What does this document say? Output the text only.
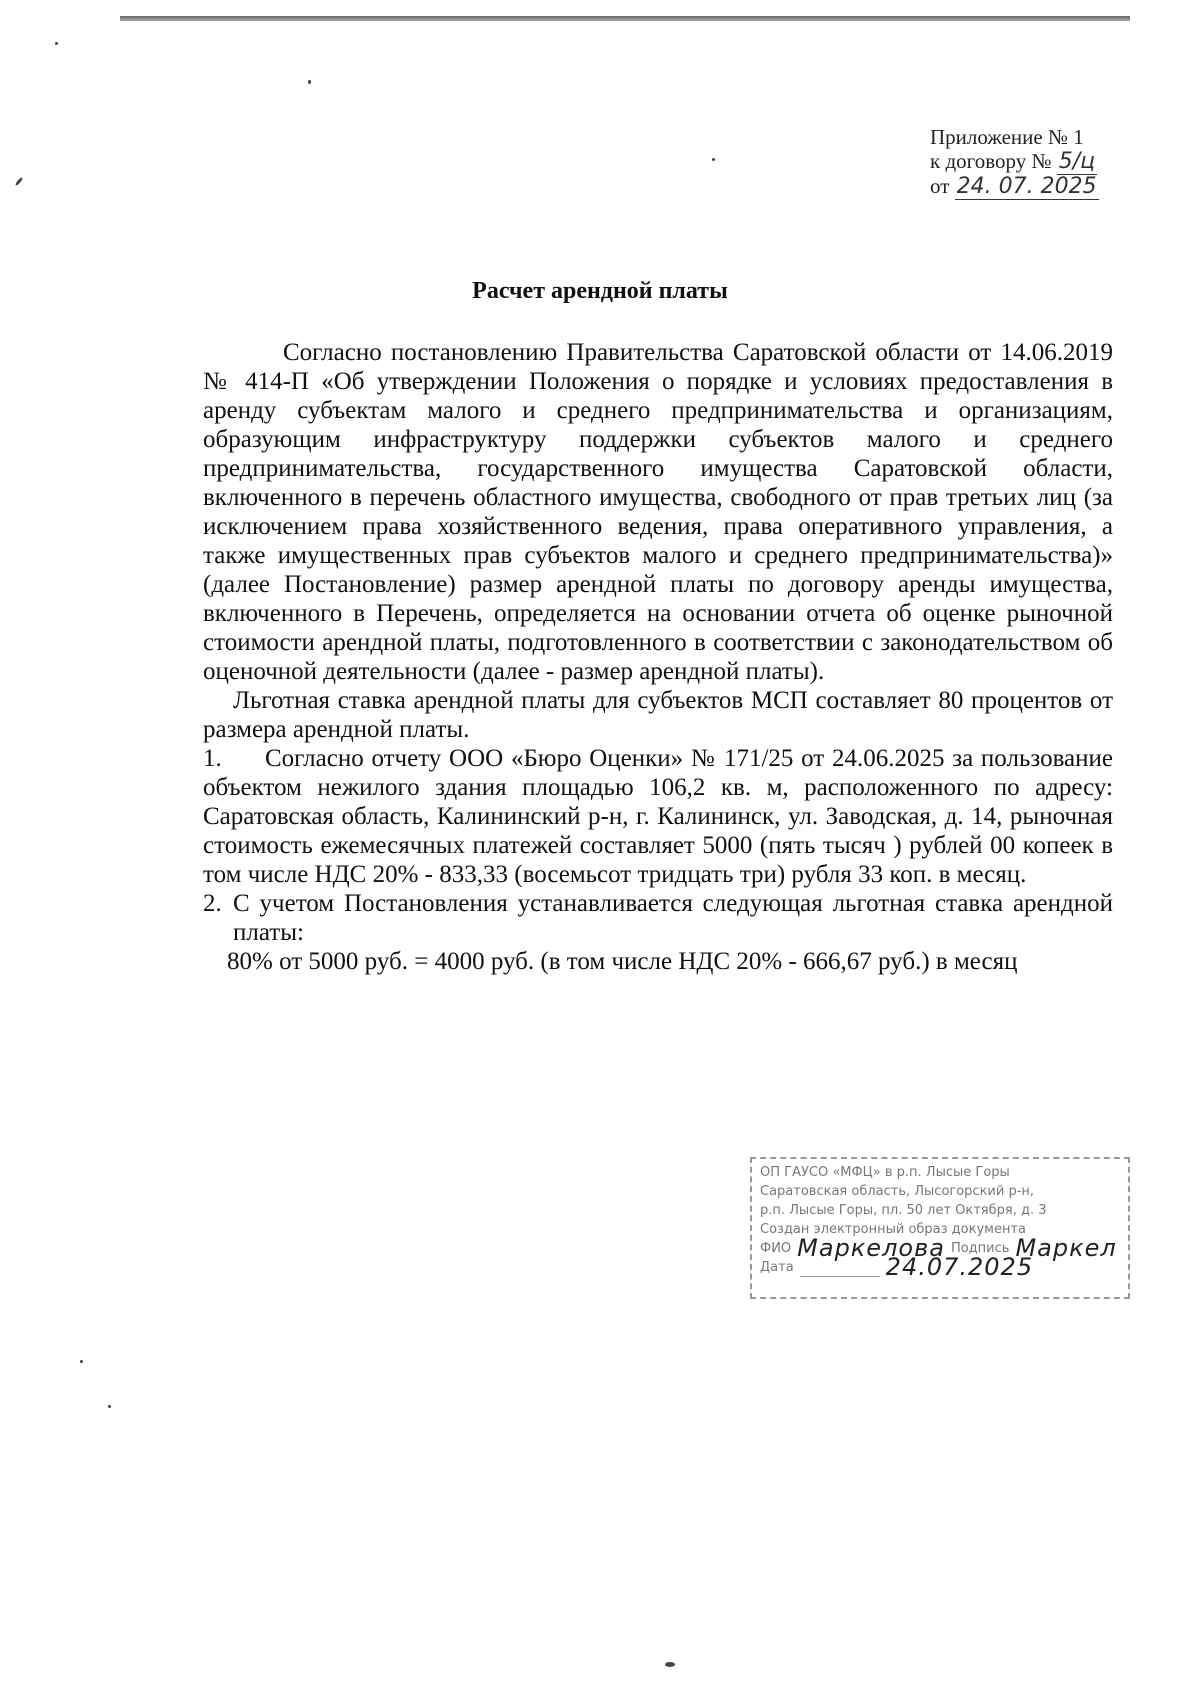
Приложение № 1
к договору № 5/ц
от 24. 07. 2025
Расчет арендной платы

Согласно постановлению Правительства Саратовской области от 14.06.2019 № 414-П «Об утверждении Положения о порядке и условиях предоставления в аренду субъектам малого и среднего предпринимательства и организациям, образующим инфраструктуру поддержки субъектов малого и среднего предпринимательства, государственного имущества Саратовской области, включенного в перечень областного имущества, свободного от прав третьих лиц (за исключением права хозяйственного ведения, права оперативного управления, а также имущественных прав субъектов малого и среднего предпринимательства)» (далее Постановление) размер арендной платы по договору аренды имущества, включенного в Перечень, определяется на основании отчета об оценке рыночной стоимости арендной платы, подготовленного в соответствии с законодательством об оценочной деятельности (далее - размер арендной платы).

Льготная ставка арендной платы для субъектов МСП составляет 80 процентов от размера арендной платы.

1. Согласно отчету ООО «Бюро Оценки» № 171/25 от 24.06.2025 за пользование объектом нежилого здания площадью 106,2 кв. м, расположенного по адресу: Саратовская область, Калининский р-н, г. Калининск, ул. Заводская, д. 14, рыночная стоимость ежемесячных платежей составляет 5000 (пять тысяч ) рублей 00 копеек в том числе НДС 20% - 833,33 (восемьсот тридцать три) рубля 33 коп. в месяц.

2. С учетом Постановления устанавливается следующая льготная ставка арендной платы:

80% от 5000 руб. = 4000 руб. (в том числе НДС 20% - 666,67 руб.) в месяц

ОП ГАУСО «МФЦ» в р.п. Лысые Горы
Саратовская область, Лысогорский р-н,
р.п. Лысые Горы, пл. 50 лет Октября, д. 3
Создан электронный образ документа
ФИО Маркелова Подпись Маркел
Дата	24.07.2025
